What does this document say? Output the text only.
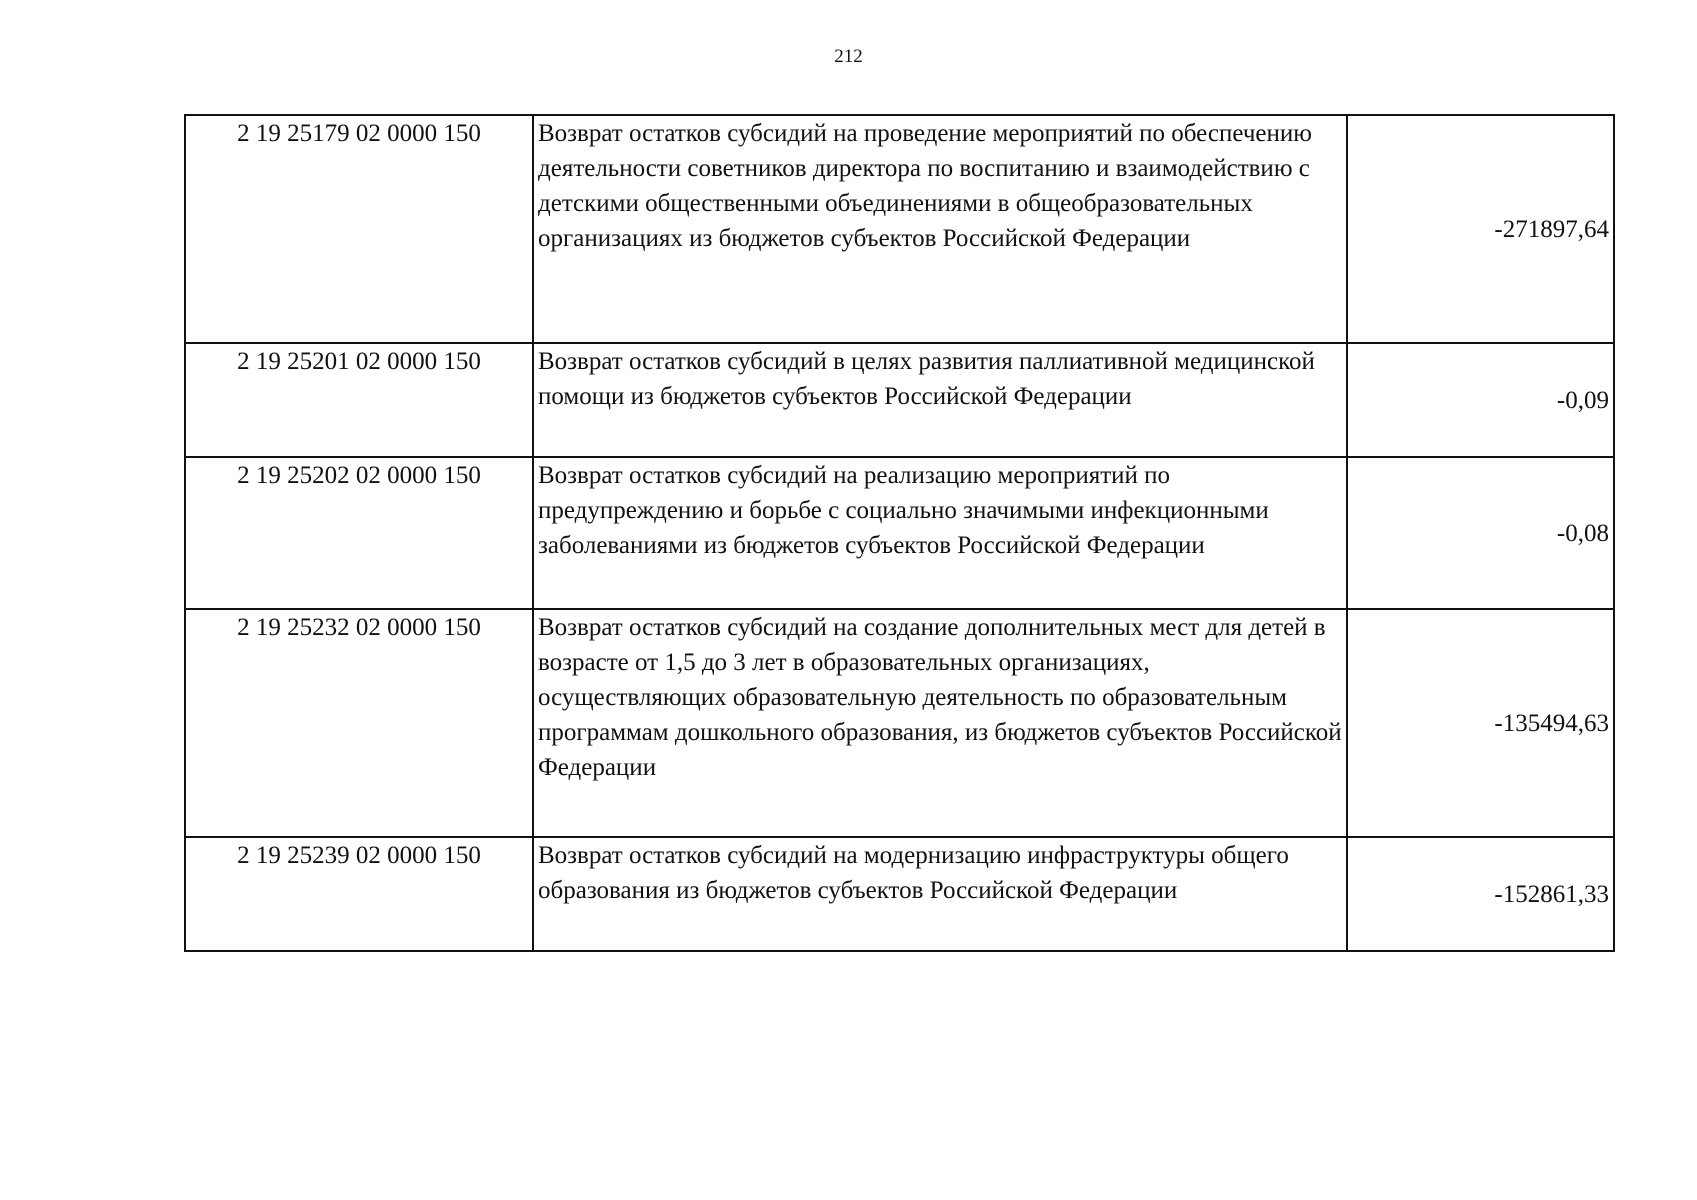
212
2 19 25179 02 0000 150	Возврат остатков субсидий на проведение мероприятий по обеспечению деятельности советников директора по воспитанию и взаимодействию с детскими общественными объединениями в общеобразовательных организациях из бюджетов субъектов Российской Федерации	-271897,64
2 19 25201 02 0000 150	Возврат остатков субсидий в целях развития паллиативной медицинской помощи из бюджетов субъектов Российской Федерации	-0,09
2 19 25202 02 0000 150	Возврат остатков субсидий на реализацию мероприятий по предупреждению и борьбе с социально значимыми инфекционными заболеваниями из бюджетов субъектов Российской Федерации	-0,08
2 19 25232 02 0000 150	Возврат остатков субсидий на создание дополнительных мест для детей в возрасте от 1,5 до 3 лет в образовательных организациях, осуществляющих образовательную деятельность по образовательным программам дошкольного образования, из бюджетов субъектов Российской Федерации	-135494,63
2 19 25239 02 0000 150	Возврат остатков субсидий на модернизацию инфраструктуры общего образования из бюджетов субъектов Российской Федерации	-152861,33
